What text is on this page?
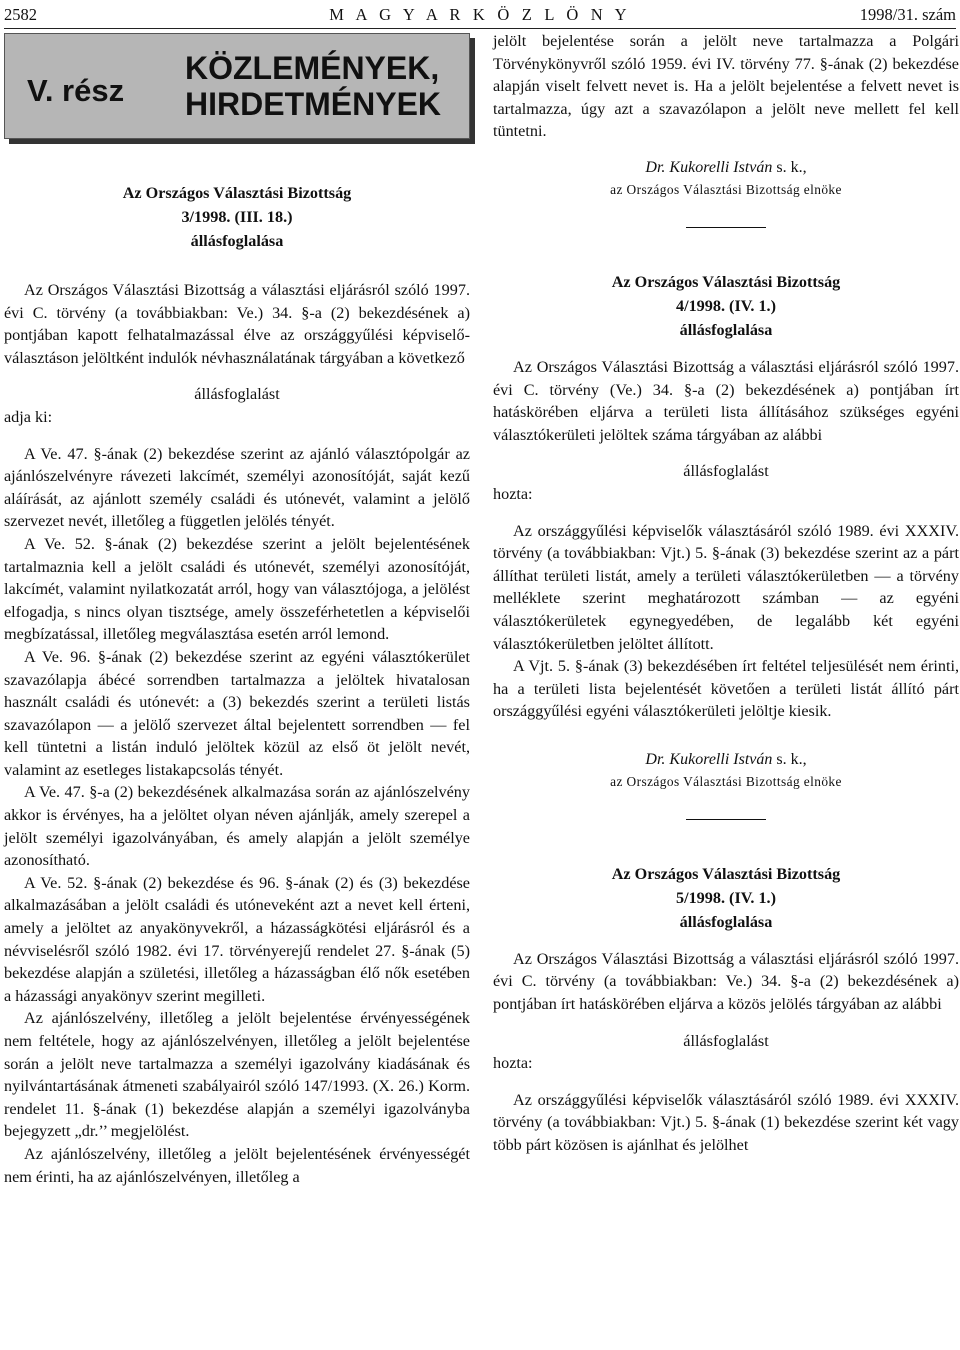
2582	M A G Y A R K Ö Z L Ö N Y	1998/31. szám
V. rész
KÖZLEMÉNYEK,
HIRDETMÉNYEK
Az Országos Választási Bizottság
3/1998. (III. 18.)
állásfoglalása

Az Országos Választási Bizottság a választási eljárásról szóló 1997. évi C. törvény (a továbbiakban: Ve.) 34. §-a (2) bekezdésének a) pontjában kapott felhatalmazással élve az országgyűlési képviselő-választáson jelöltként indulók névhasználatának tárgyában a következő

állásfoglalást

adja ki:

A Ve. 47. §-ának (2) bekezdése szerint az ajánló választópolgár az ajánlószelvényre rávezeti lakcímét, személyi azonosítóját, saját kezű aláírását, az ajánlott személy családi és utónevét, valamint a jelölő szervezet nevét, illetőleg a független jelölés tényét.

A Ve. 52. §-ának (2) bekezdése szerint a jelölt bejelentésének tartalmaznia kell a jelölt családi és utónevét, személyi azonosítóját, lakcímét, valamint nyilatkozatát arról, hogy van választójoga, a jelölést elfogadja, s nincs olyan tisztsége, amely összeférhetetlen a képviselői megbízatással, illetőleg megválasztása esetén arról lemond.

A Ve. 96. §-ának (2) bekezdése szerint az egyéni választókerület szavazólapja ábécé sorrendben tartalmazza a jelöltek hivatalosan használt családi és utónevét: a (3) bekezdés szerint a területi listás szavazólapon — a jelölő szervezet által bejelentett sorrendben — fel kell tüntetni a listán induló jelöltek közül az első öt jelölt nevét, valamint az esetleges listakapcsolás tényét.

A Ve. 47. §-a (2) bekezdésének alkalmazása során az ajánlószelvény akkor is érvényes, ha a jelöltet olyan néven ajánlják, amely szerepel a jelölt személyi igazolványában, és amely alapján a jelölt személye azonosítható.

A Ve. 52. §-ának (2) bekezdése és 96. §-ának (2) és (3) bekezdése alkalmazásában a jelölt családi és utóneveként azt a nevet kell érteni, amely a jelöltet az anyakönyvekről, a házasságkötési eljárásról és a névviselésről szóló 1982. évi 17. törvényerejű rendelet 27. §-ának (5) bekezdése alapján a születési, illetőleg a házasságban élő nők esetében a házassági anyakönyv szerint megilleti.

Az ajánlószelvény, illetőleg a jelölt bejelentése érvényességének nem feltétele, hogy az ajánlószelvényen, illetőleg a jelölt bejelentése során a jelölt neve tartalmazza a személyi igazolvány kiadásának és nyilvántartásának átmeneti szabályairól szóló 147/1993. (X. 26.) Korm. rendelet 11. §-ának (1) bekezdése alapján a személyi igazolványba bejegyzett „dr.’’ megjelölést.

Az ajánlószelvény, illetőleg a jelölt bejelentésének érvényességét nem érinti, ha az ajánlószelvényen, illetőleg a

jelölt bejelentése során a jelölt neve tartalmazza a Polgári Törvénykönyvről szóló 1959. évi IV. törvény 77. §-ának (2) bekezdése alapján viselt felvett nevet is. Ha a jelölt bejelentése a felvett nevet is tartalmazza, úgy azt a szavazólapon a jelölt neve mellett fel kell tüntetni.

Dr. Kukorelli István s. k.,
az Országos Választási Bizottság elnöke
Az Országos Választási Bizottság
4/1998. (IV. 1.)
állásfoglalása

Az Országos Választási Bizottság a választási eljárásról szóló 1997. évi C. törvény (Ve.) 34. §-a (2) bekezdésének a) pontjában írt hatáskörében eljárva a területi lista állításához szükséges egyéni választókerületi jelöltek száma tárgyában az alábbi

állásfoglalást

hozta:

Az országgyűlési képviselők választásáról szóló 1989. évi XXXIV. törvény (a továbbiakban: Vjt.) 5. §-ának (3) bekezdése szerint az a párt állíthat területi listát, amely a területi választókerületben — a törvény melléklete szerint meghatározott számban — az egyéni választókerületek egynegyedében, de legalább két egyéni választókerületben jelöltet állított.

A Vjt. 5. §-ának (3) bekezdésében írt feltétel teljesülését nem érinti, ha a területi lista bejelentését követően a területi listát állító párt országgyűlési egyéni választókerületi jelöltje kiesik.

Dr. Kukorelli István s. k.,
az Országos Választási Bizottság elnöke
Az Országos Választási Bizottság
5/1998. (IV. 1.)
állásfoglalása

Az Országos Választási Bizottság a választási eljárásról szóló 1997. évi C. törvény (a továbbiakban: Ve.) 34. §-a (2) bekezdésének a) pontjában írt hatáskörében eljárva a közös jelölés tárgyában az alábbi

állásfoglalást

hozta:

Az országgyűlési képviselők választásáról szóló 1989. évi XXXIV. törvény (a továbbiakban: Vjt.) 5. §-ának (1) bekezdése szerint két vagy több párt közösen is ajánlhat és jelölhet
